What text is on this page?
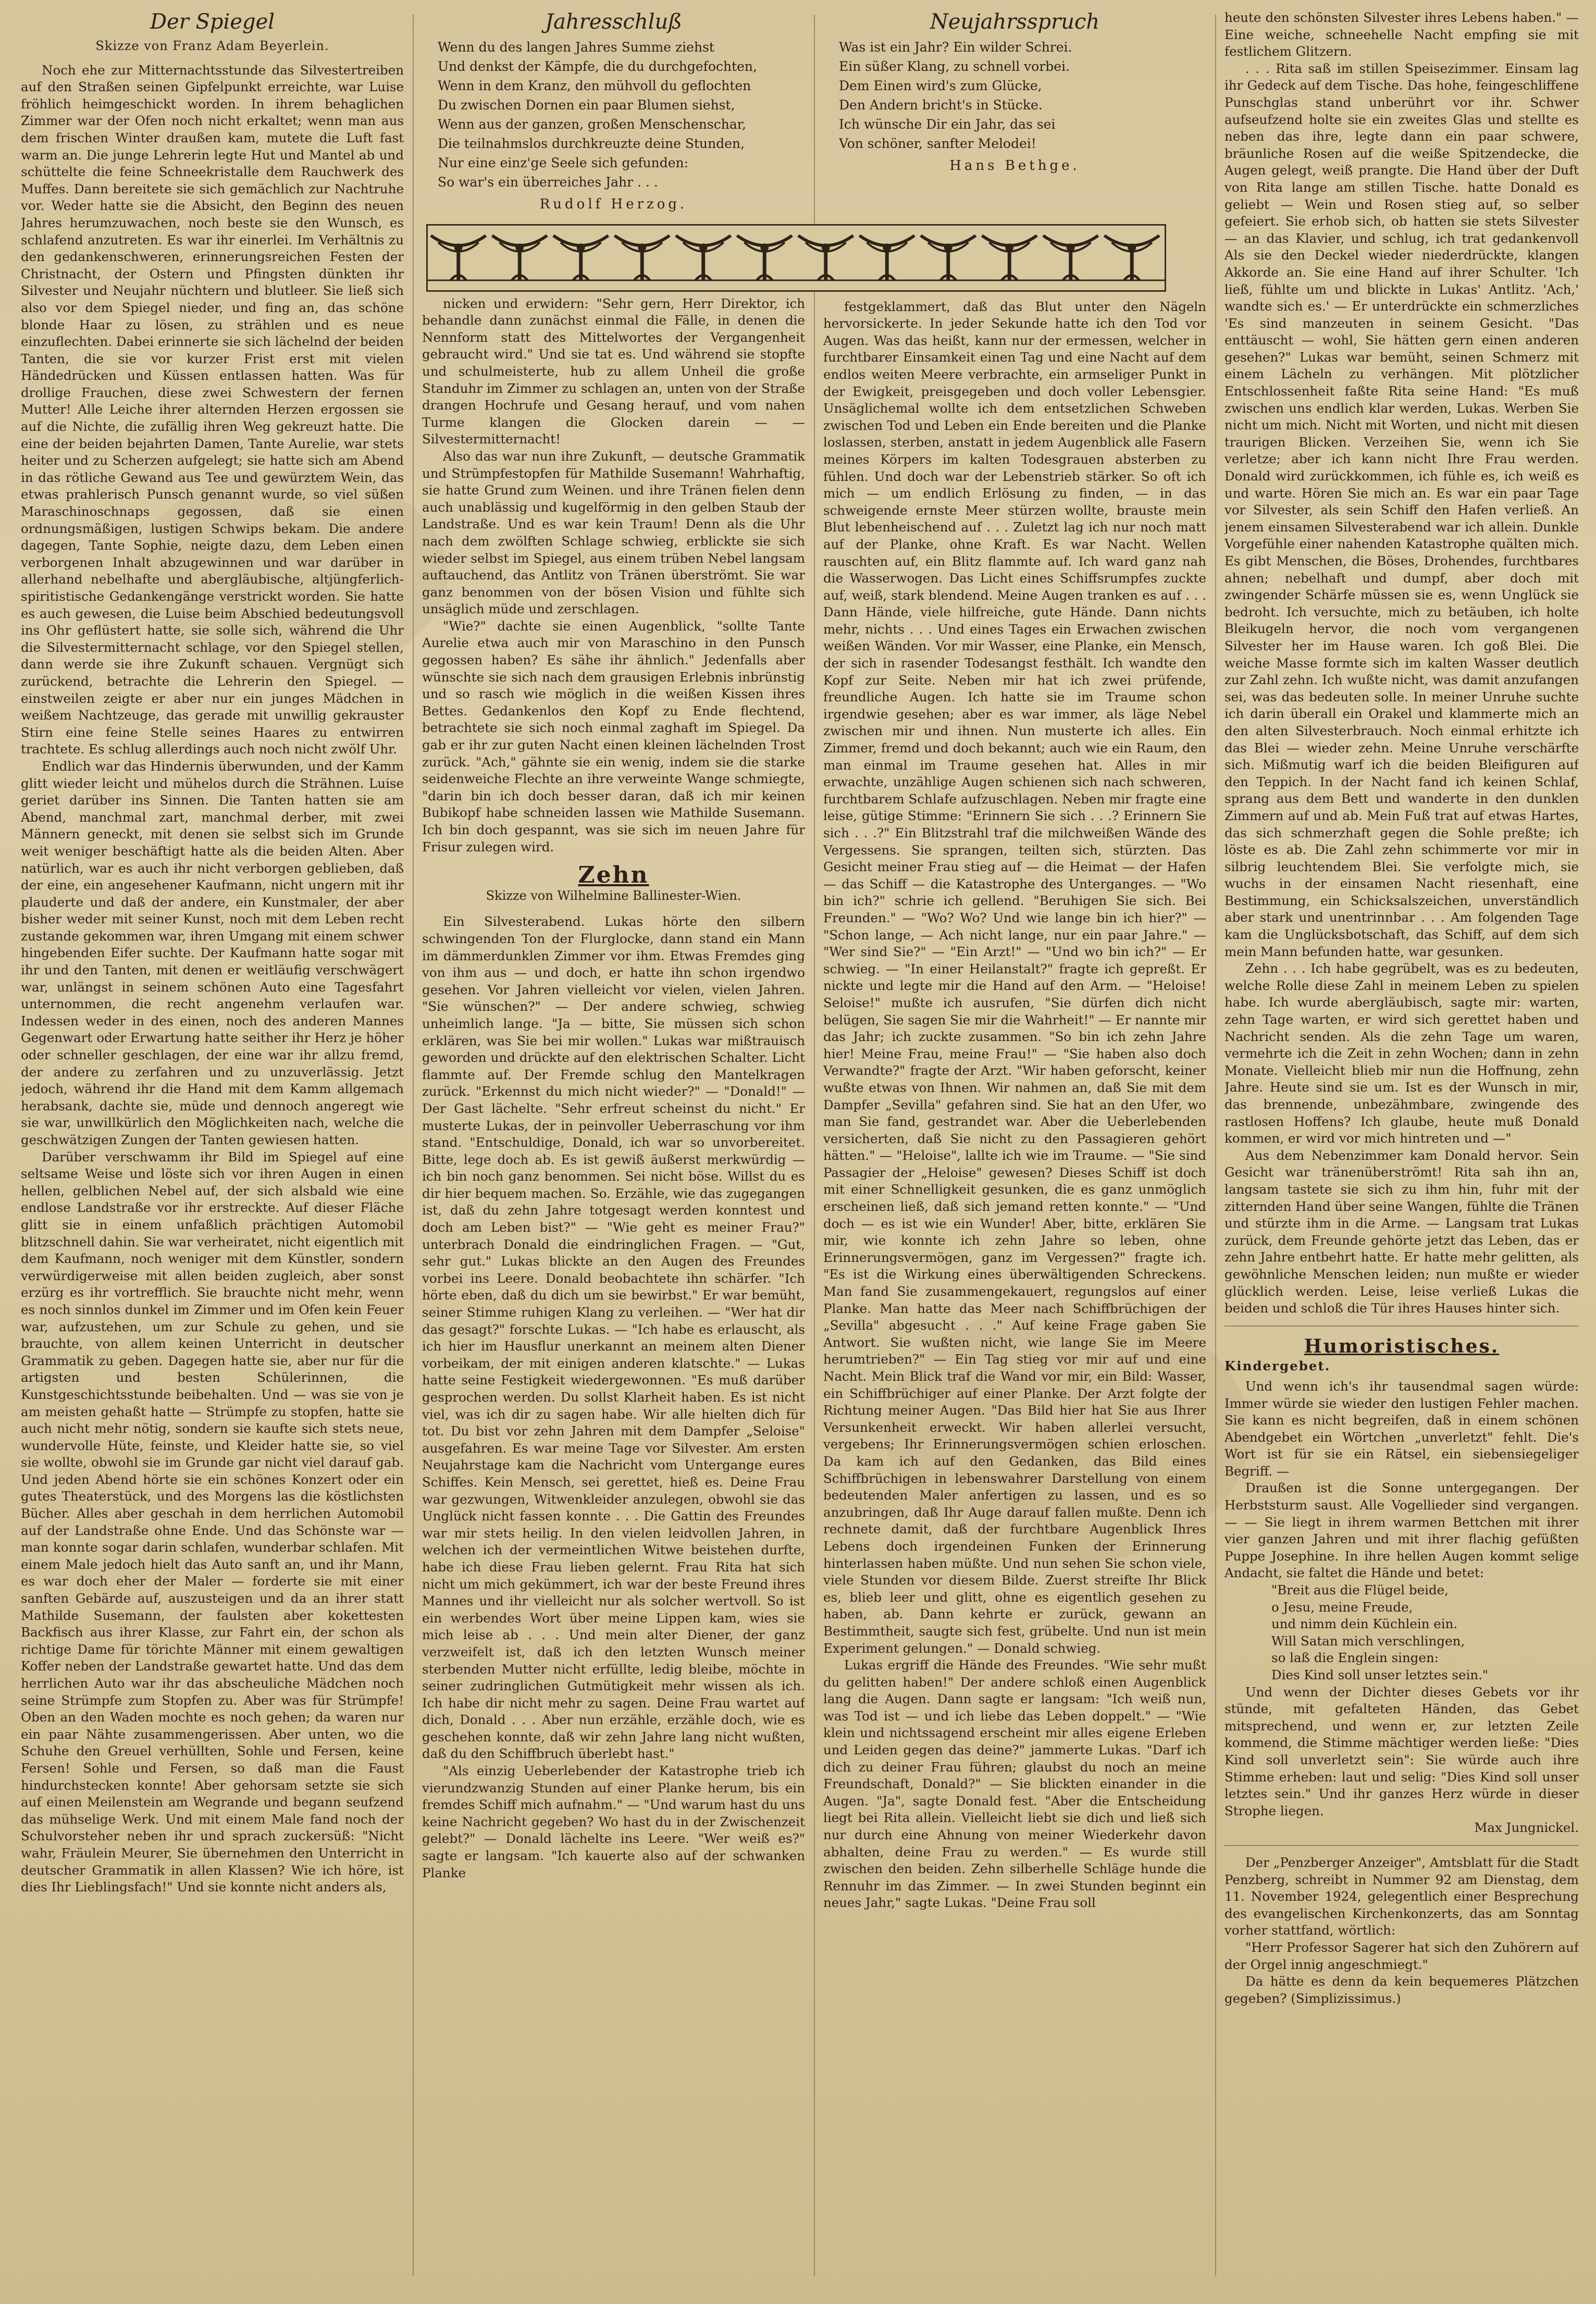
Der Spiegel
Skizze von Franz Adam Beyerlein.

Noch ehe zur Mitternachtsstunde das Silvestertreiben auf den Straßen seinen Gipfelpunkt erreichte, war Luise fröhlich heimgeschickt worden. In ihrem behaglichen Zimmer war der Ofen noch nicht erkaltet; wenn man aus dem frischen Winter draußen kam, mutete die Luft fast warm an. Die junge Lehrerin legte Hut und Mantel ab und schüttelte die feine Schneekristalle dem Rauchwerk des Muffes. Dann bereitete sie sich gemächlich zur Nachtruhe vor. Weder hatte sie die Absicht, den Beginn des neuen Jahres herumzuwachen, noch beste sie den Wunsch, es schlafend anzutreten. Es war ihr einerlei. Im Verhältnis zu den gedankenschweren, erinnerungsreichen Festen der Christnacht, der Ostern und Pfingsten dünkten ihr Silvester und Neujahr nüchtern und blutleer. Sie ließ sich also vor dem Spiegel nieder, und fing an, das schöne blonde Haar zu lösen, zu strählen und es neue einzuflechten. Dabei erinnerte sie sich lächelnd der beiden Tanten, die sie vor kurzer Frist erst mit vielen Händedrücken und Küssen entlassen hatten. Was für drollige Frauchen, diese zwei Schwestern der fernen Mutter! Alle Leiche ihrer alternden Herzen ergossen sie auf die Nichte, die zufällig ihren Weg gekreuzt hatte. Die eine der beiden bejahrten Damen, Tante Aurelie, war stets heiter und zu Scherzen aufgelegt; sie hatte sich am Abend in das rötliche Gewand aus Tee und gewürztem Wein, das etwas prahlerisch Punsch genannt wurde, so viel süßen Maraschinoschnaps gegossen, daß sie einen ordnungsmäßigen, lustigen Schwips bekam. Die andere dagegen, Tante Sophie, neigte dazu, dem Leben einen verborgenen Inhalt abzugewinnen und war darüber in allerhand nebelhafte und abergläubische, altjüngferlich-spiritistische Gedankengänge verstrickt worden. Sie hatte es auch gewesen, die Luise beim Abschied bedeutungsvoll ins Ohr geflüstert hatte, sie solle sich, während die Uhr die Silvestermitternacht schlage, vor den Spiegel stellen, dann werde sie ihre Zukunft schauen. Vergnügt sich zurückend, betrachte die Lehrerin den Spiegel. — einstweilen zeigte er aber nur ein junges Mädchen in weißem Nachtzeuge, das gerade mit unwillig gekrauster Stirn eine feine Stelle seines Haares zu entwirren trachtete. Es schlug allerdings auch noch nicht zwölf Uhr.

Endlich war das Hindernis überwunden, und der Kamm glitt wieder leicht und mühelos durch die Strähnen. Luise geriet darüber ins Sinnen. Die Tanten hatten sie am Abend, manchmal zart, manchmal derber, mit zwei Männern geneckt, mit denen sie selbst sich im Grunde weit weniger beschäftigt hatte als die beiden Alten. Aber natürlich, war es auch ihr nicht verborgen geblieben, daß der eine, ein angesehener Kaufmann, nicht ungern mit ihr plauderte und daß der andere, ein Kunstmaler, der aber bisher weder mit seiner Kunst, noch mit dem Leben recht zustande gekommen war, ihren Umgang mit einem schwer hingebenden Eifer suchte. Der Kaufmann hatte sogar mit ihr und den Tanten, mit denen er weitläufig verschwägert war, unlängst in seinem schönen Auto eine Tagesfahrt unternommen, die recht angenehm verlaufen war. Indessen weder in des einen, noch des anderen Mannes Gegenwart oder Erwartung hatte seither ihr Herz je höher oder schneller geschlagen, der eine war ihr allzu fremd, der andere zu zerfahren und zu unzuverlässig. Jetzt jedoch, während ihr die Hand mit dem Kamm allgemach herabsank, dachte sie, müde und dennoch angeregt wie sie war, unwillkürlich den Möglichkeiten nach, welche die geschwätzigen Zungen der Tanten gewiesen hatten.

Darüber verschwamm ihr Bild im Spiegel auf eine seltsame Weise und löste sich vor ihren Augen in einen hellen, gelblichen Nebel auf, der sich alsbald wie eine endlose Landstraße vor ihr erstreckte. Auf dieser Fläche glitt sie in einem unfaßlich prächtigen Automobil blitzschnell dahin. Sie war verheiratet, nicht eigentlich mit dem Kaufmann, noch weniger mit dem Künstler, sondern verwürdigerweise mit allen beiden zugleich, aber sonst erzürg es ihr vortrefflich. Sie brauchte nicht mehr, wenn es noch sinnlos dunkel im Zimmer und im Ofen kein Feuer war, aufzustehen, um zur Schule zu gehen, und sie brauchte, von allem keinen Unterricht in deutscher Grammatik zu geben. Dagegen hatte sie, aber nur für die artigsten und besten Schülerinnen, die Kunstgeschichtsstunde beibehalten. Und — was sie von je am meisten gehaßt hatte — Strümpfe zu stopfen, hatte sie auch nicht mehr nötig, sondern sie kaufte sich stets neue, wundervolle Hüte, feinste, und Kleider hatte sie, so viel sie wollte, obwohl sie im Grunde gar nicht viel darauf gab. Und jeden Abend hörte sie ein schönes Konzert oder ein gutes Theaterstück, und des Morgens las die köstlichsten Bücher. Alles aber geschah in dem herrlichen Automobil auf der Landstraße ohne Ende. Und das Schönste war — man konnte sogar darin schlafen, wunderbar schlafen. Mit einem Male jedoch hielt das Auto sanft an, und ihr Mann, es war doch eher der Maler — forderte sie mit einer sanften Gebärde auf, auszusteigen und da an ihrer statt Mathilde Susemann, der faulsten aber kokettesten Backfisch aus ihrer Klasse, zur Fahrt ein, der schon als richtige Dame für törichte Männer mit einem gewaltigen Koffer neben der Landstraße gewartet hatte. Und das dem herrlichen Auto war ihr das abscheuliche Mädchen noch seine Strümpfe zum Stopfen zu. Aber was für Strümpfe! Oben an den Waden mochte es noch gehen; da waren nur ein paar Nähte zusammengerissen. Aber unten, wo die Schuhe den Greuel verhüllten, Sohle und Fersen, keine Fersen! Sohle und Fersen, so daß man die Faust hindurchstecken konnte! Aber gehorsam setzte sie sich auf einen Meilenstein am Wegrande und begann seufzend das mühselige Werk. Und mit einem Male fand noch der Schulvorsteher neben ihr und sprach zuckersüß: "Nicht wahr, Fräulein Meurer, Sie übernehmen den Unterricht in deutscher Grammatik in allen Klassen? Wie ich höre, ist dies Ihr Lieblingsfach!" Und sie konnte nicht anders als,

Jahresschluß

Wenn du des langen Jahres Summe ziehst

Und denkst der Kämpfe, die du durchgefochten,

Wenn in dem Kranz, den mühvoll du geflochten

Du zwischen Dornen ein paar Blumen siehst,

Wenn aus der ganzen, großen Menschenschar,

Die teilnahmslos durchkreuzte deine Stunden,

Nur eine einz'ge Seele sich gefunden:

So war's ein überreiches Jahr . . .

Rudolf Herzog.

nicken und erwidern: "Sehr gern, Herr Direktor, ich behandle dann zunächst einmal die Fälle, in denen die Nennform statt des Mittelwortes der Vergangenheit gebraucht wird." Und sie tat es. Und während sie stopfte und schulmeisterte, hub zu allem Unheil die große Standuhr im Zimmer zu schlagen an, unten von der Straße drangen Hochrufe und Gesang herauf, und vom nahen Turme klangen die Glocken darein — — Silvestermitternacht!

Also das war nun ihre Zukunft, — deutsche Grammatik und Strümpfestopfen für Mathilde Susemann! Wahrhaftig, sie hatte Grund zum Weinen. und ihre Tränen fielen denn auch unablässig und kugelförmig in den gelben Staub der Landstraße. Und es war kein Traum! Denn als die Uhr nach dem zwölften Schlage schwieg, erblickte sie sich wieder selbst im Spiegel, aus einem trüben Nebel langsam auftauchend, das Antlitz von Tränen überströmt. Sie war ganz benommen von der bösen Vision und fühlte sich unsäglich müde und zerschlagen.

"Wie?" dachte sie einen Augenblick, "sollte Tante Aurelie etwa auch mir von Maraschino in den Punsch gegossen haben? Es sähe ihr ähnlich." Jedenfalls aber wünschte sie sich nach dem grausigen Erlebnis inbrünstig und so rasch wie möglich in die weißen Kissen ihres Bettes. Gedankenlos den Kopf zu Ende flechtend, betrachtete sie sich noch einmal zaghaft im Spiegel. Da gab er ihr zur guten Nacht einen kleinen lächelnden Trost zurück. "Ach," gähnte sie ein wenig, indem sie die starke seidenweiche Flechte an ihre verweinte Wange schmiegte, "darin bin ich doch besser daran, daß ich mir keinen Bubikopf habe schneiden lassen wie Mathilde Susemann. Ich bin doch gespannt, was sie sich im neuen Jahre für Frisur zulegen wird.

Zehn
Skizze von Wilhelmine Ballinester-Wien.

Ein Silvesterabend. Lukas hörte den silbern schwingenden Ton der Flurglocke, dann stand ein Mann im dämmerdunklen Zimmer vor ihm. Etwas Fremdes ging von ihm aus — und doch, er hatte ihn schon irgendwo gesehen. Vor Jahren vielleicht vor vielen, vielen Jahren. "Sie wünschen?" — Der andere schwieg, schwieg unheimlich lange. "Ja — bitte, Sie müssen sich schon erklären, was Sie bei mir wollen." Lukas war mißtrauisch geworden und drückte auf den elektrischen Schalter. Licht flammte auf. Der Fremde schlug den Mantelkragen zurück. "Erkennst du mich nicht wieder?" — "Donald!" — Der Gast lächelte. "Sehr erfreut scheinst du nicht." Er musterte Lukas, der in peinvoller Ueberraschung vor ihm stand. "Entschuldige, Donald, ich war so unvorbereitet. Bitte, lege doch ab. Es ist gewiß äußerst merkwürdig — ich bin noch ganz benommen. Sei nicht böse. Willst du es dir hier bequem machen. So. Erzähle, wie das zugegangen ist, daß du zehn Jahre totgesagt werden konntest und doch am Leben bist?" — "Wie geht es meiner Frau?" unterbrach Donald die eindringlichen Fragen. — "Gut, sehr gut." Lukas blickte an den Augen des Freundes vorbei ins Leere. Donald beobachtete ihn schärfer. "Ich hörte eben, daß du dich um sie bewirbst." Er war bemüht, seiner Stimme ruhigen Klang zu verleihen. — "Wer hat dir das gesagt?" forschte Lukas. — "Ich habe es erlauscht, als ich hier im Hausflur unerkannt an meinem alten Diener vorbeikam, der mit einigen anderen klatschte." — Lukas hatte seine Festigkeit wiedergewonnen. "Es muß darüber gesprochen werden. Du sollst Klarheit haben. Es ist nicht viel, was ich dir zu sagen habe. Wir alle hielten dich für tot. Du bist vor zehn Jahren mit dem Dampfer „Seloise" ausgefahren. Es war meine Tage vor Silvester. Am ersten Neujahrstage kam die Nachricht vom Untergange eures Schiffes. Kein Mensch, sei gerettet, hieß es. Deine Frau war gezwungen, Witwenkleider anzulegen, obwohl sie das Unglück nicht fassen konnte . . . Die Gattin des Freundes war mir stets heilig. In den vielen leidvollen Jahren, in welchen ich der vermeintlichen Witwe beistehen durfte, habe ich diese Frau lieben gelernt. Frau Rita hat sich nicht um mich gekümmert, ich war der beste Freund ihres Mannes und ihr vielleicht nur als solcher wertvoll. So ist ein werbendes Wort über meine Lippen kam, wies sie mich leise ab . . . Und mein alter Diener, der ganz verzweifelt ist, daß ich den letzten Wunsch meiner sterbenden Mutter nicht erfüllte, ledig bleibe, möchte in seiner zudringlichen Gutmütigkeit mehr wissen als ich. Ich habe dir nicht mehr zu sagen. Deine Frau wartet auf dich, Donald . . . Aber nun erzähle, erzähle doch, wie es geschehen konnte, daß wir zehn Jahre lang nicht wußten, daß du den Schiffbruch überlebt hast."

"Als einzig Ueberlebender der Katastrophe trieb ich vierundzwanzig Stunden auf einer Planke herum, bis ein fremdes Schiff mich aufnahm." — "Und warum hast du uns keine Nachricht gegeben? Wo hast du in der Zwischenzeit gelebt?" — Donald lächelte ins Leere. "Wer weiß es?" sagte er langsam. "Ich kauerte also auf der schwanken Planke

Neujahrsspruch

Was ist ein Jahr? Ein wilder Schrei.

Ein süßer Klang, zu schnell vorbei.

Dem Einen wird's zum Glücke,

Den Andern bricht's in Stücke.

Ich wünsche Dir ein Jahr, das sei

Von schöner, sanfter Melodei!

Hans Bethge.

festgeklammert, daß das Blut unter den Nägeln hervorsickerte. In jeder Sekunde hatte ich den Tod vor Augen. Was das heißt, kann nur der ermessen, welcher in furchtbarer Einsamkeit einen Tag und eine Nacht auf dem endlos weiten Meere verbrachte, ein armseliger Punkt in der Ewigkeit, preisgegeben und doch voller Lebensgier. Unsäglichemal wollte ich dem entsetzlichen Schweben zwischen Tod und Leben ein Ende bereiten und die Planke loslassen, sterben, anstatt in jedem Augenblick alle Fasern meines Körpers im kalten Todesgrauen absterben zu fühlen. Und doch war der Lebenstrieb stärker. So oft ich mich — um endlich Erlösung zu finden, — in das schweigende ernste Meer stürzen wollte, brauste mein Blut lebenheischend auf . . . Zuletzt lag ich nur noch matt auf der Planke, ohne Kraft. Es war Nacht. Wellen rauschten auf, ein Blitz flammte auf. Ich ward ganz nah die Wasserwogen. Das Licht eines Schiffsrumpfes zuckte auf, weiß, stark blendend. Meine Augen tranken es auf . . . Dann Hände, viele hilfreiche, gute Hände. Dann nichts mehr, nichts . . . Und eines Tages ein Erwachen zwischen weißen Wänden. Vor mir Wasser, eine Planke, ein Mensch, der sich in rasender Todesangst festhält. Ich wandte den Kopf zur Seite. Neben mir hat ich zwei prüfende, freundliche Augen. Ich hatte sie im Traume schon irgendwie gesehen; aber es war immer, als läge Nebel zwischen mir und ihnen. Nun musterte ich alles. Ein Zimmer, fremd und doch bekannt; auch wie ein Raum, den man einmal im Traume gesehen hat. Alles in mir erwachte, unzählige Augen schienen sich nach schweren, furchtbarem Schlafe aufzuschlagen. Neben mir fragte eine leise, gütige Stimme: "Erinnern Sie sich . . .? Erinnern Sie sich . . .?" Ein Blitzstrahl traf die milchweißen Wände des Vergessens. Sie sprangen, teilten sich, stürzten. Das Gesicht meiner Frau stieg auf — die Heimat — der Hafen — das Schiff — die Katastrophe des Unterganges. — "Wo bin ich?" schrie ich gellend. "Beruhigen Sie sich. Bei Freunden." — "Wo? Wo? Und wie lange bin ich hier?" — "Schon lange, — Ach nicht lange, nur ein paar Jahre." — "Wer sind Sie?" — "Ein Arzt!" — "Und wo bin ich?" — Er schwieg. — "In einer Heilanstalt?" fragte ich gepreßt. Er nickte und legte mir die Hand auf den Arm. — "Heloise! Seloise!" mußte ich ausrufen, "Sie dürfen dich nicht belügen, Sie sagen Sie mir die Wahrheit!" — Er nannte mir das Jahr; ich zuckte zusammen. "So bin ich zehn Jahre hier! Meine Frau, meine Frau!" — "Sie haben also doch Verwandte?" fragte der Arzt. "Wir haben geforscht, keiner wußte etwas von Ihnen. Wir nahmen an, daß Sie mit dem Dampfer „Sevilla" gefahren sind. Sie hat an den Ufer, wo man Sie fand, gestrandet war. Aber die Ueberlebenden versicherten, daß Sie nicht zu den Passagieren gehört hätten." — "Heloise", lallte ich wie im Traume. — "Sie sind Passagier der „Heloise" gewesen? Dieses Schiff ist doch mit einer Schnelligkeit gesunken, die es ganz unmöglich erscheinen ließ, daß sich jemand retten konnte." — "Und doch — es ist wie ein Wunder! Aber, bitte, erklären Sie mir, wie konnte ich zehn Jahre so leben, ohne Erinnerungsvermögen, ganz im Vergessen?" fragte ich. "Es ist die Wirkung eines überwältigenden Schreckens. Man fand Sie zusammengekauert, regungslos auf einer Planke. Man hatte das Meer nach Schiffbrüchigen der „Sevilla" abgesucht . . ." Auf keine Frage gaben Sie Antwort. Sie wußten nicht, wie lange Sie im Meere herumtrieben?" — Ein Tag stieg vor mir auf und eine Nacht. Mein Blick traf die Wand vor mir, ein Bild: Wasser, ein Schiffbrüchiger auf einer Planke. Der Arzt folgte der Richtung meiner Augen. "Das Bild hier hat Sie aus Ihrer Versunkenheit erweckt. Wir haben allerlei versucht, vergebens; Ihr Erinnerungsvermögen schien erloschen. Da kam ich auf den Gedanken, das Bild eines Schiffbrüchigen in lebenswahrer Darstellung von einem bedeutenden Maler anfertigen zu lassen, und es so anzubringen, daß Ihr Auge darauf fallen mußte. Denn ich rechnete damit, daß der furchtbare Augenblick Ihres Lebens doch irgendeinen Funken der Erinnerung hinterlassen haben müßte. Und nun sehen Sie schon viele, viele Stunden vor diesem Bilde. Zuerst streifte Ihr Blick es, blieb leer und glitt, ohne es eigentlich gesehen zu haben, ab. Dann kehrte er zurück, gewann an Bestimmtheit, saugte sich fest, grübelte. Und nun ist mein Experiment gelungen." — Donald schwieg.

Lukas ergriff die Hände des Freundes. "Wie sehr mußt du gelitten haben!" Der andere schloß einen Augenblick lang die Augen. Dann sagte er langsam: "Ich weiß nun, was Tod ist — und ich liebe das Leben doppelt." — "Wie klein und nichtssagend erscheint mir alles eigene Erleben und Leiden gegen das deine?" jammerte Lukas. "Darf ich dich zu deiner Frau führen; glaubst du noch an meine Freundschaft, Donald?" — Sie blickten einander in die Augen. "Ja", sagte Donald fest. "Aber die Entscheidung liegt bei Rita allein. Vielleicht liebt sie dich und ließ sich nur durch eine Ahnung von meiner Wiederkehr davon abhalten, deine Frau zu werden." — Es wurde still zwischen den beiden. Zehn silberhelle Schläge hunde die Rennuhr im das Zimmer. — In zwei Stunden beginnt ein neues Jahr," sagte Lukas. "Deine Frau soll

heute den schönsten Silvester ihres Lebens haben." — Eine weiche, schneehelle Nacht empfing sie mit festlichem Glitzern.

. . . Rita saß im stillen Speisezimmer. Einsam lag ihr Gedeck auf dem Tische. Das hohe, feingeschliffene Punschglas stand unberührt vor ihr. Schwer aufseufzend holte sie ein zweites Glas und stellte es neben das ihre, legte dann ein paar schwere, bräunliche Rosen auf die weiße Spitzendecke, die Augen gelegt, weiß prangte. Die Hand über der Duft von Rita lange am stillen Tische. hatte Donald es geliebt — Wein und Rosen stieg auf, so selber gefeiert. Sie erhob sich, ob hatten sie stets Silvester — an das Klavier, und schlug, ich trat gedankenvoll Als sie den Deckel wieder niederdrückte, klangen Akkorde an. Sie eine Hand auf ihrer Schulter. 'Ich ließ, fühlte um und blickte in Lukas' Antlitz. 'Ach,' wandte sich es.' — Er unterdrückte ein schmerzliches 'Es sind manzeuten in seinem Gesicht. "Das enttäuscht — wohl, Sie hätten gern einen anderen gesehen?" Lukas war bemüht, seinen Schmerz mit einem Lächeln zu verhängen. Mit plötzlicher Entschlossenheit faßte Rita seine Hand: "Es muß zwischen uns endlich klar werden, Lukas. Werben Sie nicht um mich. Nicht mit Worten, und nicht mit diesen traurigen Blicken. Verzeihen Sie, wenn ich Sie verletze; aber ich kann nicht Ihre Frau werden. Donald wird zurückkommen, ich fühle es, ich weiß es und warte. Hören Sie mich an. Es war ein paar Tage vor Silvester, als sein Schiff den Hafen verließ. An jenem einsamen Silvesterabend war ich allein. Dunkle Vorgefühle einer nahenden Katastrophe quälten mich. Es gibt Menschen, die Böses, Drohendes, furchtbares ahnen; nebelhaft und dumpf, aber doch mit zwingender Schärfe müssen sie es, wenn Unglück sie bedroht. Ich versuchte, mich zu betäuben, ich holte Bleikugeln hervor, die noch vom vergangenen Silvester her im Hause waren. Ich goß Blei. Die weiche Masse formte sich im kalten Wasser deutlich zur Zahl zehn. Ich wußte nicht, was damit anzufangen sei, was das bedeuten solle. In meiner Unruhe suchte ich darin überall ein Orakel und klammerte mich an den alten Silvesterbrauch. Noch einmal erhitzte ich das Blei — wieder zehn. Meine Unruhe verschärfte sich. Mißmutig warf ich die beiden Bleifiguren auf den Teppich. In der Nacht fand ich keinen Schlaf, sprang aus dem Bett und wanderte in den dunklen Zimmern auf und ab. Mein Fuß trat auf etwas Hartes, das sich schmerzhaft gegen die Sohle preßte; ich löste es ab. Die Zahl zehn schimmerte vor mir in silbrig leuchtendem Blei. Sie verfolgte mich, sie wuchs in der einsamen Nacht riesenhaft, eine Bestimmung, ein Schicksalszeichen, unverständlich aber stark und unentrinnbar . . . Am folgenden Tage kam die Unglücksbotschaft, das Schiff, auf dem sich mein Mann befunden hatte, war gesunken.

Zehn . . . Ich habe gegrübelt, was es zu bedeuten, welche Rolle diese Zahl in meinem Leben zu spielen habe. Ich wurde abergläubisch, sagte mir: warten, zehn Tage warten, er wird sich gerettet haben und Nachricht senden. Als die zehn Tage um waren, vermehrte ich die Zeit in zehn Wochen; dann in zehn Monate. Vielleicht blieb mir nun die Hoffnung, zehn Jahre. Heute sind sie um. Ist es der Wunsch in mir, das brennende, unbezähmbare, zwingende des rastlosen Hoffens? Ich glaube, heute muß Donald kommen, er wird vor mich hintreten und —"

Aus dem Nebenzimmer kam Donald hervor. Sein Gesicht war tränenüberströmt! Rita sah ihn an, langsam tastete sie sich zu ihm hin, fuhr mit der zitternden Hand über seine Wangen, fühlte die Tränen und stürzte ihm in die Arme. — Langsam trat Lukas zurück, dem Freunde gehörte jetzt das Leben, das er zehn Jahre entbehrt hatte. Er hatte mehr gelitten, als gewöhnliche Menschen leiden; nun mußte er wieder glücklich werden. Leise, leise verließ Lukas die beiden und schloß die Tür ihres Hauses hinter sich.

Humoristisches.

Kindergebet.

Und wenn ich's ihr tausendmal sagen würde: Immer würde sie wieder den lustigen Fehler machen. Sie kann es nicht begreifen, daß in einem schönen Abendgebet ein Wörtchen „unverletzt" fehlt. Die's Wort ist für sie ein Rätsel, ein siebensiegeliger Begriff. —

Draußen ist die Sonne untergegangen. Der Herbststurm saust. Alle Vogellieder sind vergangen. — — Sie liegt in ihrem warmen Bettchen mit ihrer vier ganzen Jahren und mit ihrer flachig gefüßten Puppe Josephine. In ihre hellen Augen kommt selige Andacht, sie faltet die Hände und betet:

"Breit aus die Flügel beide,

o Jesu, meine Freude,

und nimm dein Küchlein ein.

Will Satan mich verschlingen,

so laß die Englein singen:

Dies Kind soll unser letztes sein."

Und wenn der Dichter dieses Gebets vor ihr stünde, mit gefalteten Händen, das Gebet mitsprechend, und wenn er, zur letzten Zeile kommend, die Stimme mächtiger werden ließe: "Dies Kind soll unverletzt sein": Sie würde auch ihre Stimme erheben: laut und selig: "Dies Kind soll unser letztes sein." Und ihr ganzes Herz würde in dieser Strophe liegen.

Max Jungnickel.

Der „Penzberger Anzeiger", Amtsblatt für die Stadt Penzberg, schreibt in Nummer 92 am Dienstag, dem 11. November 1924, gelegentlich einer Besprechung des evangelischen Kirchenkonzerts, das am Sonntag vorher stattfand, wörtlich:

"Herr Professor Sagerer hat sich den Zuhörern auf der Orgel innig angeschmiegt."

Da hätte es denn da kein bequemeres Plätzchen gegeben? (Simplizissimus.)
